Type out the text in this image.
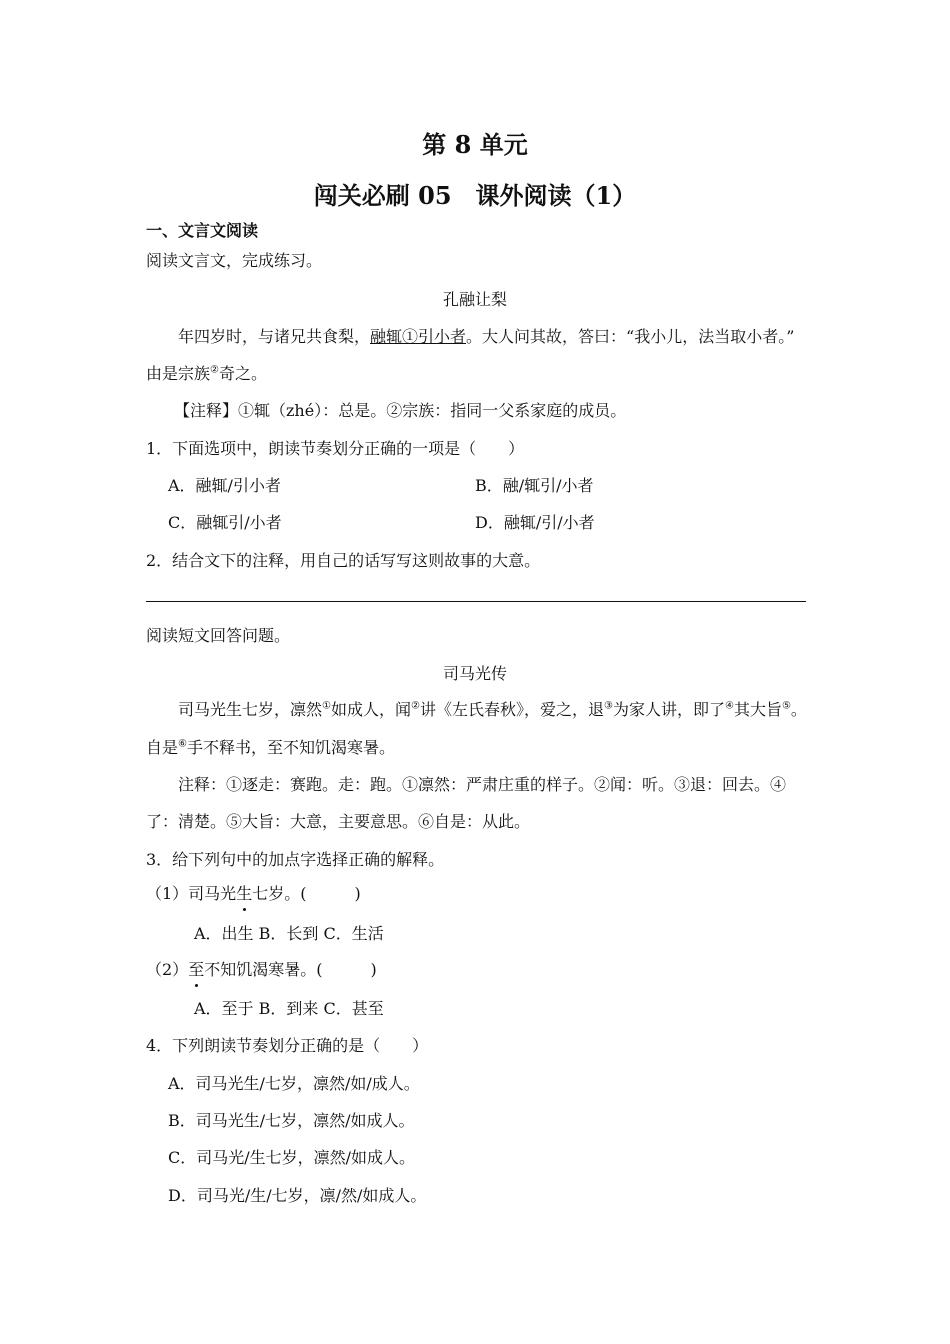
第 8 单元
闯关必刷 05　课外阅读（1）
一、文言文阅读
阅读文言文，完成练习。
孔融让梨
年四岁时，与诸兄共食梨，融辄①引小者。大人问其故，答曰：“我小儿，法当取小者。”
由是宗族②奇之。
【注释】①辄（zhé）：总是。②宗族：指同一父系家庭的成员。
1．下面选项中，朗读节奏划分正确的一项是（　　）
A．融辄/引小者	B．融/辄引/小者
C．融辄引/小者	D．融辄/引/小者
2．结合文下的注释，用自己的话写写这则故事的大意。
阅读短文回答问题。
司马光传
司马光生七岁，凛然①如成人，闻②讲《左氏春秋》，爱之，退③为家人讲，即了④其大旨⑤。
自是⑥手不释书，至不知饥渴寒暑。
注释：①逐走：赛跑。走：跑。①凛然：严肃庄重的样子。②闻：听。③退：回去。④
了：清楚。⑤大旨：大意，主要意思。⑥自是：从此。
3．给下列句中的加点字选择正确的解释。
（1）司马光生七岁。(　　　)
A．出生 B．长到 C．生活
（2）至不知饥渴寒暑。(　　　)
A．至于 B．到来 C．甚至
4．下列朗读节奏划分正确的是（　　）
A．司马光生/七岁，凛然/如/成人。
B．司马光生/七岁，凛然/如成人。
C．司马光/生七岁，凛然/如成人。
D．司马光/生/七岁，凛/然/如成人。
